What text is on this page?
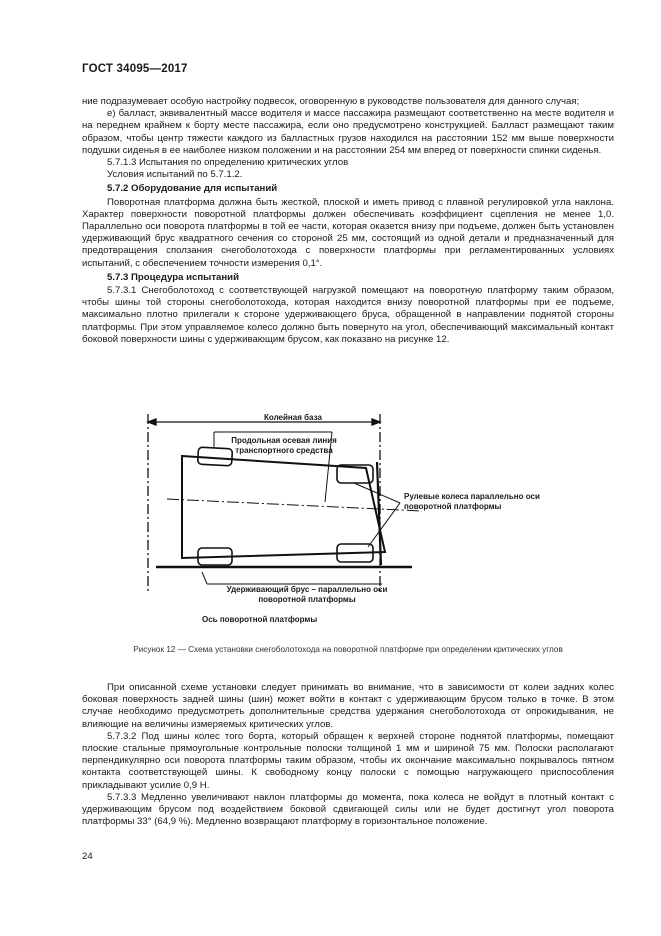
ГОСТ 34095—2017

ние подразумевает особую настройку подвесок, оговоренную в руководстве пользователя для данного случая;

е) балласт, эквивалентный массе водителя и массе пассажира размещают соответственно на месте водителя и на переднем крайнем к борту месте пассажира, если оно предусмотрено конструкцией. Балласт размещают таким образом, чтобы центр тяжести каждого из балластных грузов находился на расстоянии 152 мм выше поверхности подушки сиденья в ее наиболее низком положении и на расстоянии 254 мм вперед от поверхности спинки сиденья.

5.7.1.3 Испытания по определению критических углов

Условия испытаний по 5.7.1.2.

5.7.2 Оборудование для испытаний

Поворотная платформа должна быть жесткой, плоской и иметь привод с плавной регулировкой угла наклона. Характер поверхности поворотной платформы должен обеспечивать коэффициент сцепления не менее 1,0. Параллельно оси поворота платформы в той ее части, которая оказется внизу при подъеме, должен быть установлен удерживающий брус квадратного сечения со стороной 25 мм, состоящий из одной детали и предназначенный для предотвращения сползания снегоболотохода с поверхности платформы при регламентированных условиях испытаний, с обеспечением точности измерения 0,1°.

5.7.3 Процедура испытаний

5.7.3.1 Снегоболотоход с соответствующей нагрузкой помещают на поворотную платформу таким образом, чтобы шины той стороны снегоболотохода, которая находится внизу поворотной платформы при ее подъеме, максимально плотно прилегали к стороне удерживающего бруса, обращенной в направлении поднятой стороны платформы. При этом управляемое колесо должно быть повернуто на угол, обеспечивающий максимальный контакт боковой поверхности шины с удерживающим брусом, как показано на рисунке 12.

Колейная база
Продольная осевая линия транспортного средства
Рулевые колеса параллельно оси поворотной платформы
Удерживающий брус – параллельно оси поворотной платформы
Ось поворотной платформы
Рисунок 12 — Схема установки снегоболотохода на поворотной платформе при определении критических углов

При описанной схеме установки следует принимать во внимание, что в зависимости от колеи задних колес боковая поверхность задней шины (шин) может войти в контакт с удерживающим брусом только в точке. В этом случае необходимо предусмотреть дополнительные средства удержания снегоболотохода от опрокидывания, не влияющие на величины измеряемых критических углов.

5.7.3.2 Под шины колес того борта, который обращен к верхней стороне поднятой платформы, помещают плоские стальные прямоугольные контрольные полоски толщиной 1 мм и шириной 75 мм. Полоски располагают перпендикулярно оси поворота платформы таким образом, чтобы их окончание максимально покрывалось пятном контакта соответствующей шины. К свободному концу полоски с помощью нагружающего приспособления прикладывают усилие 0,9 Н.

5.7.3.3 Медленно увеличивают наклон платформы до момента, пока колеса не войдут в плотный контакт с удерживающим брусом под воздействием боковой сдвигающей силы или не будет достигнут угол поворота платформы 33° (64,9 %). Медленно возвращают платформу в горизонтальное положение.

24
